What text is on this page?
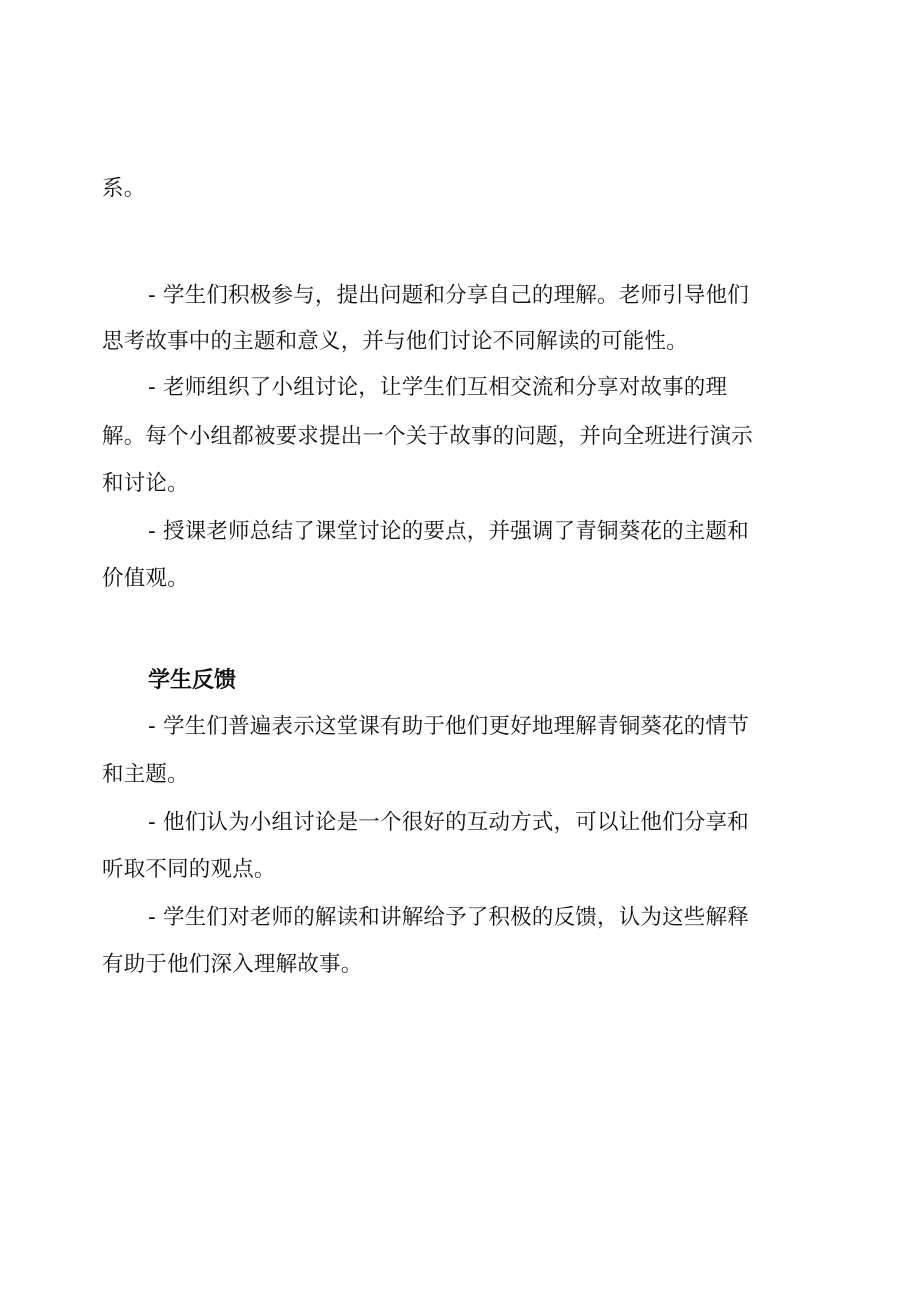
系。
- 学生们积极参与，提出问题和分享自己的理解。老师引导他们
思考故事中的主题和意义，并与他们讨论不同解读的可能性。
- 老师组织了小组讨论，让学生们互相交流和分享对故事的理
解。每个小组都被要求提出一个关于故事的问题，并向全班进行演示
和讨论。
- 授课老师总结了课堂讨论的要点，并强调了青铜葵花的主题和
价值观。
学生反馈
- 学生们普遍表示这堂课有助于他们更好地理解青铜葵花的情节
和主题。
- 他们认为小组讨论是一个很好的互动方式，可以让他们分享和
听取不同的观点。
- 学生们对老师的解读和讲解给予了积极的反馈，认为这些解释
有助于他们深入理解故事。
